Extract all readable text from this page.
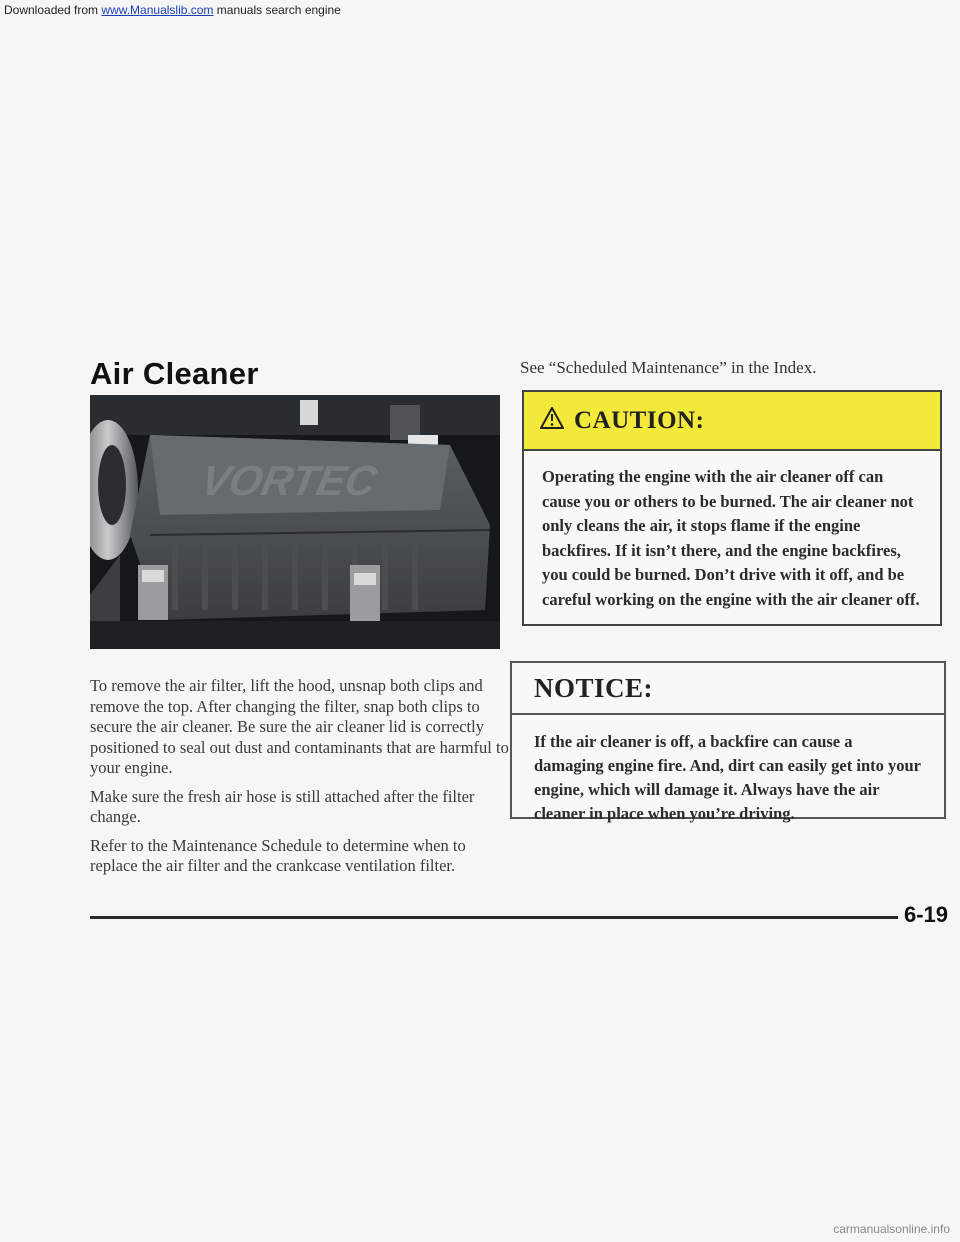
Downloaded from www.Manualslib.com manuals search engine
Air Cleaner
VORTEC

To remove the air filter, lift the hood, unsnap both clips and remove the top. After changing the filter, snap both clips to secure the air cleaner. Be sure the air cleaner lid is correctly positioned to seal out dust and contaminants that are harmful to your engine.

Make sure the fresh air hose is still attached after the filter change.

Refer to the Maintenance Schedule to determine when to replace the air filter and the crankcase ventilation filter.

See “Scheduled Maintenance” in the Index.
CAUTION:
Operating the engine with the air cleaner off can cause you or others to be burned. The air cleaner not only cleans the air, it stops flame if the engine backfires. If it isn’t there, and the engine backfires, you could be burned. Don’t drive with it off, and be careful working on the engine with the air cleaner off.
NOTICE:
If the air cleaner is off, a backfire can cause a damaging engine fire. And, dirt can easily get into your engine, which will damage it. Always have the air cleaner in place when you’re driving.
6-19
carmanualsonline.info
